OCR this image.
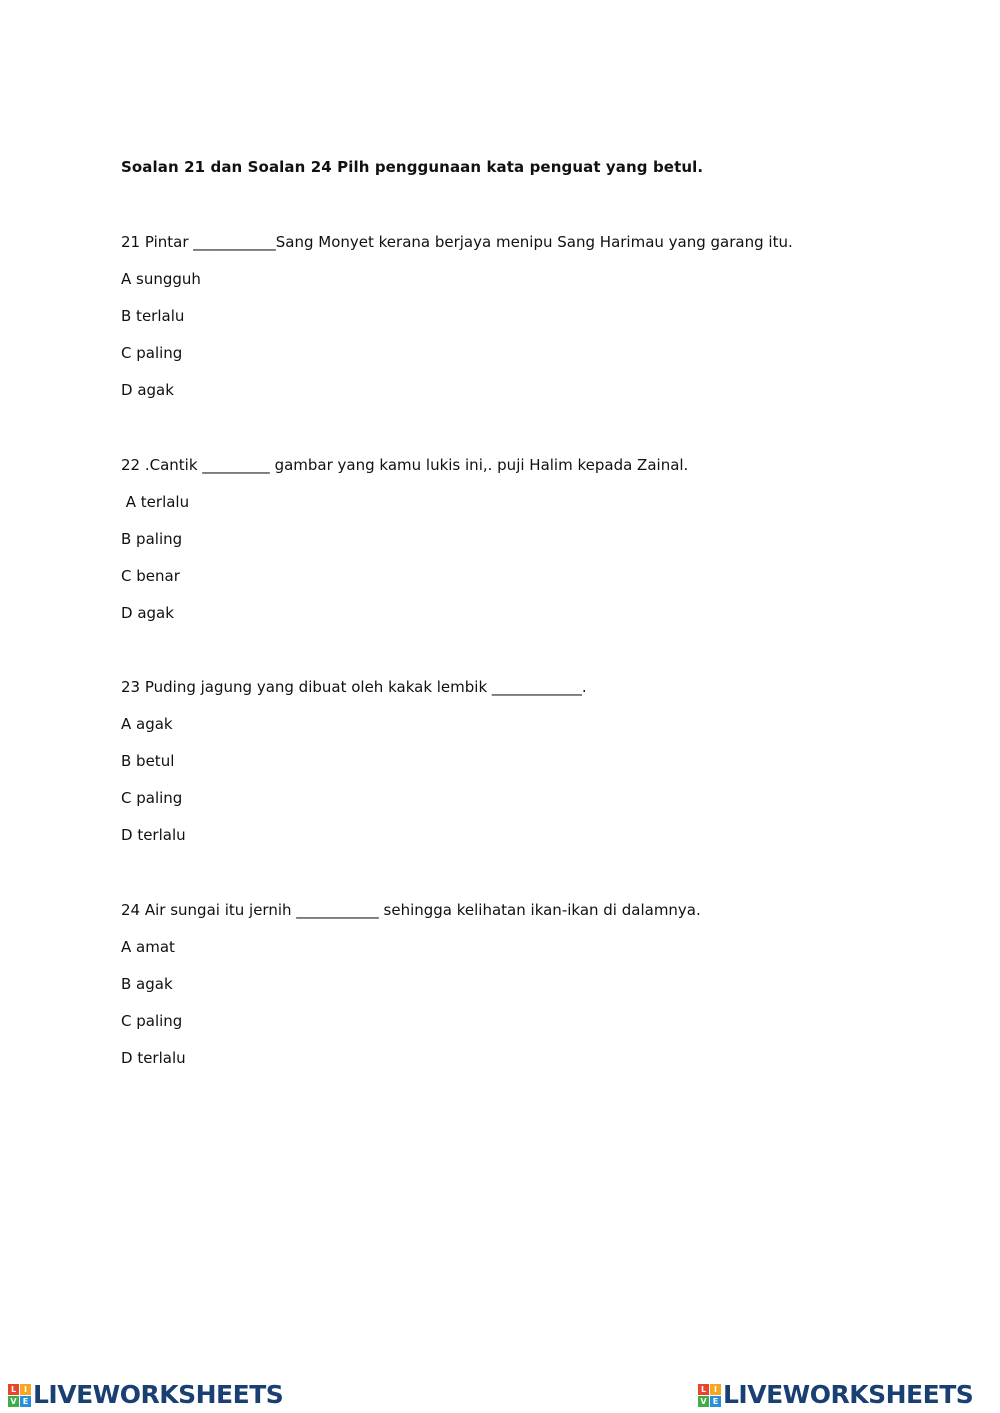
Soalan 21 dan Soalan 24 Pilh penggunaan kata penguat yang betul.
21 Pintar ___________Sang Monyet kerana berjaya menipu Sang Harimau yang garang itu.
A sungguh
B terlalu
C paling
D agak
22 .Cantik _________ gambar yang kamu lukis ini,. puji Halim kepada Zainal.
A terlalu
B paling
C benar
D agak
23 Puding jagung yang dibuat oleh kakak lembik ____________.
A agak
B betul
C paling
D terlalu
24 Air sungai itu jernih ___________ sehingga kelihatan ikan-ikan di dalamnya.
A amat
B agak
C paling
D terlalu
L I
V E LIVEWORKSHEETS	L I
V E LIVEWORKSHEETS
